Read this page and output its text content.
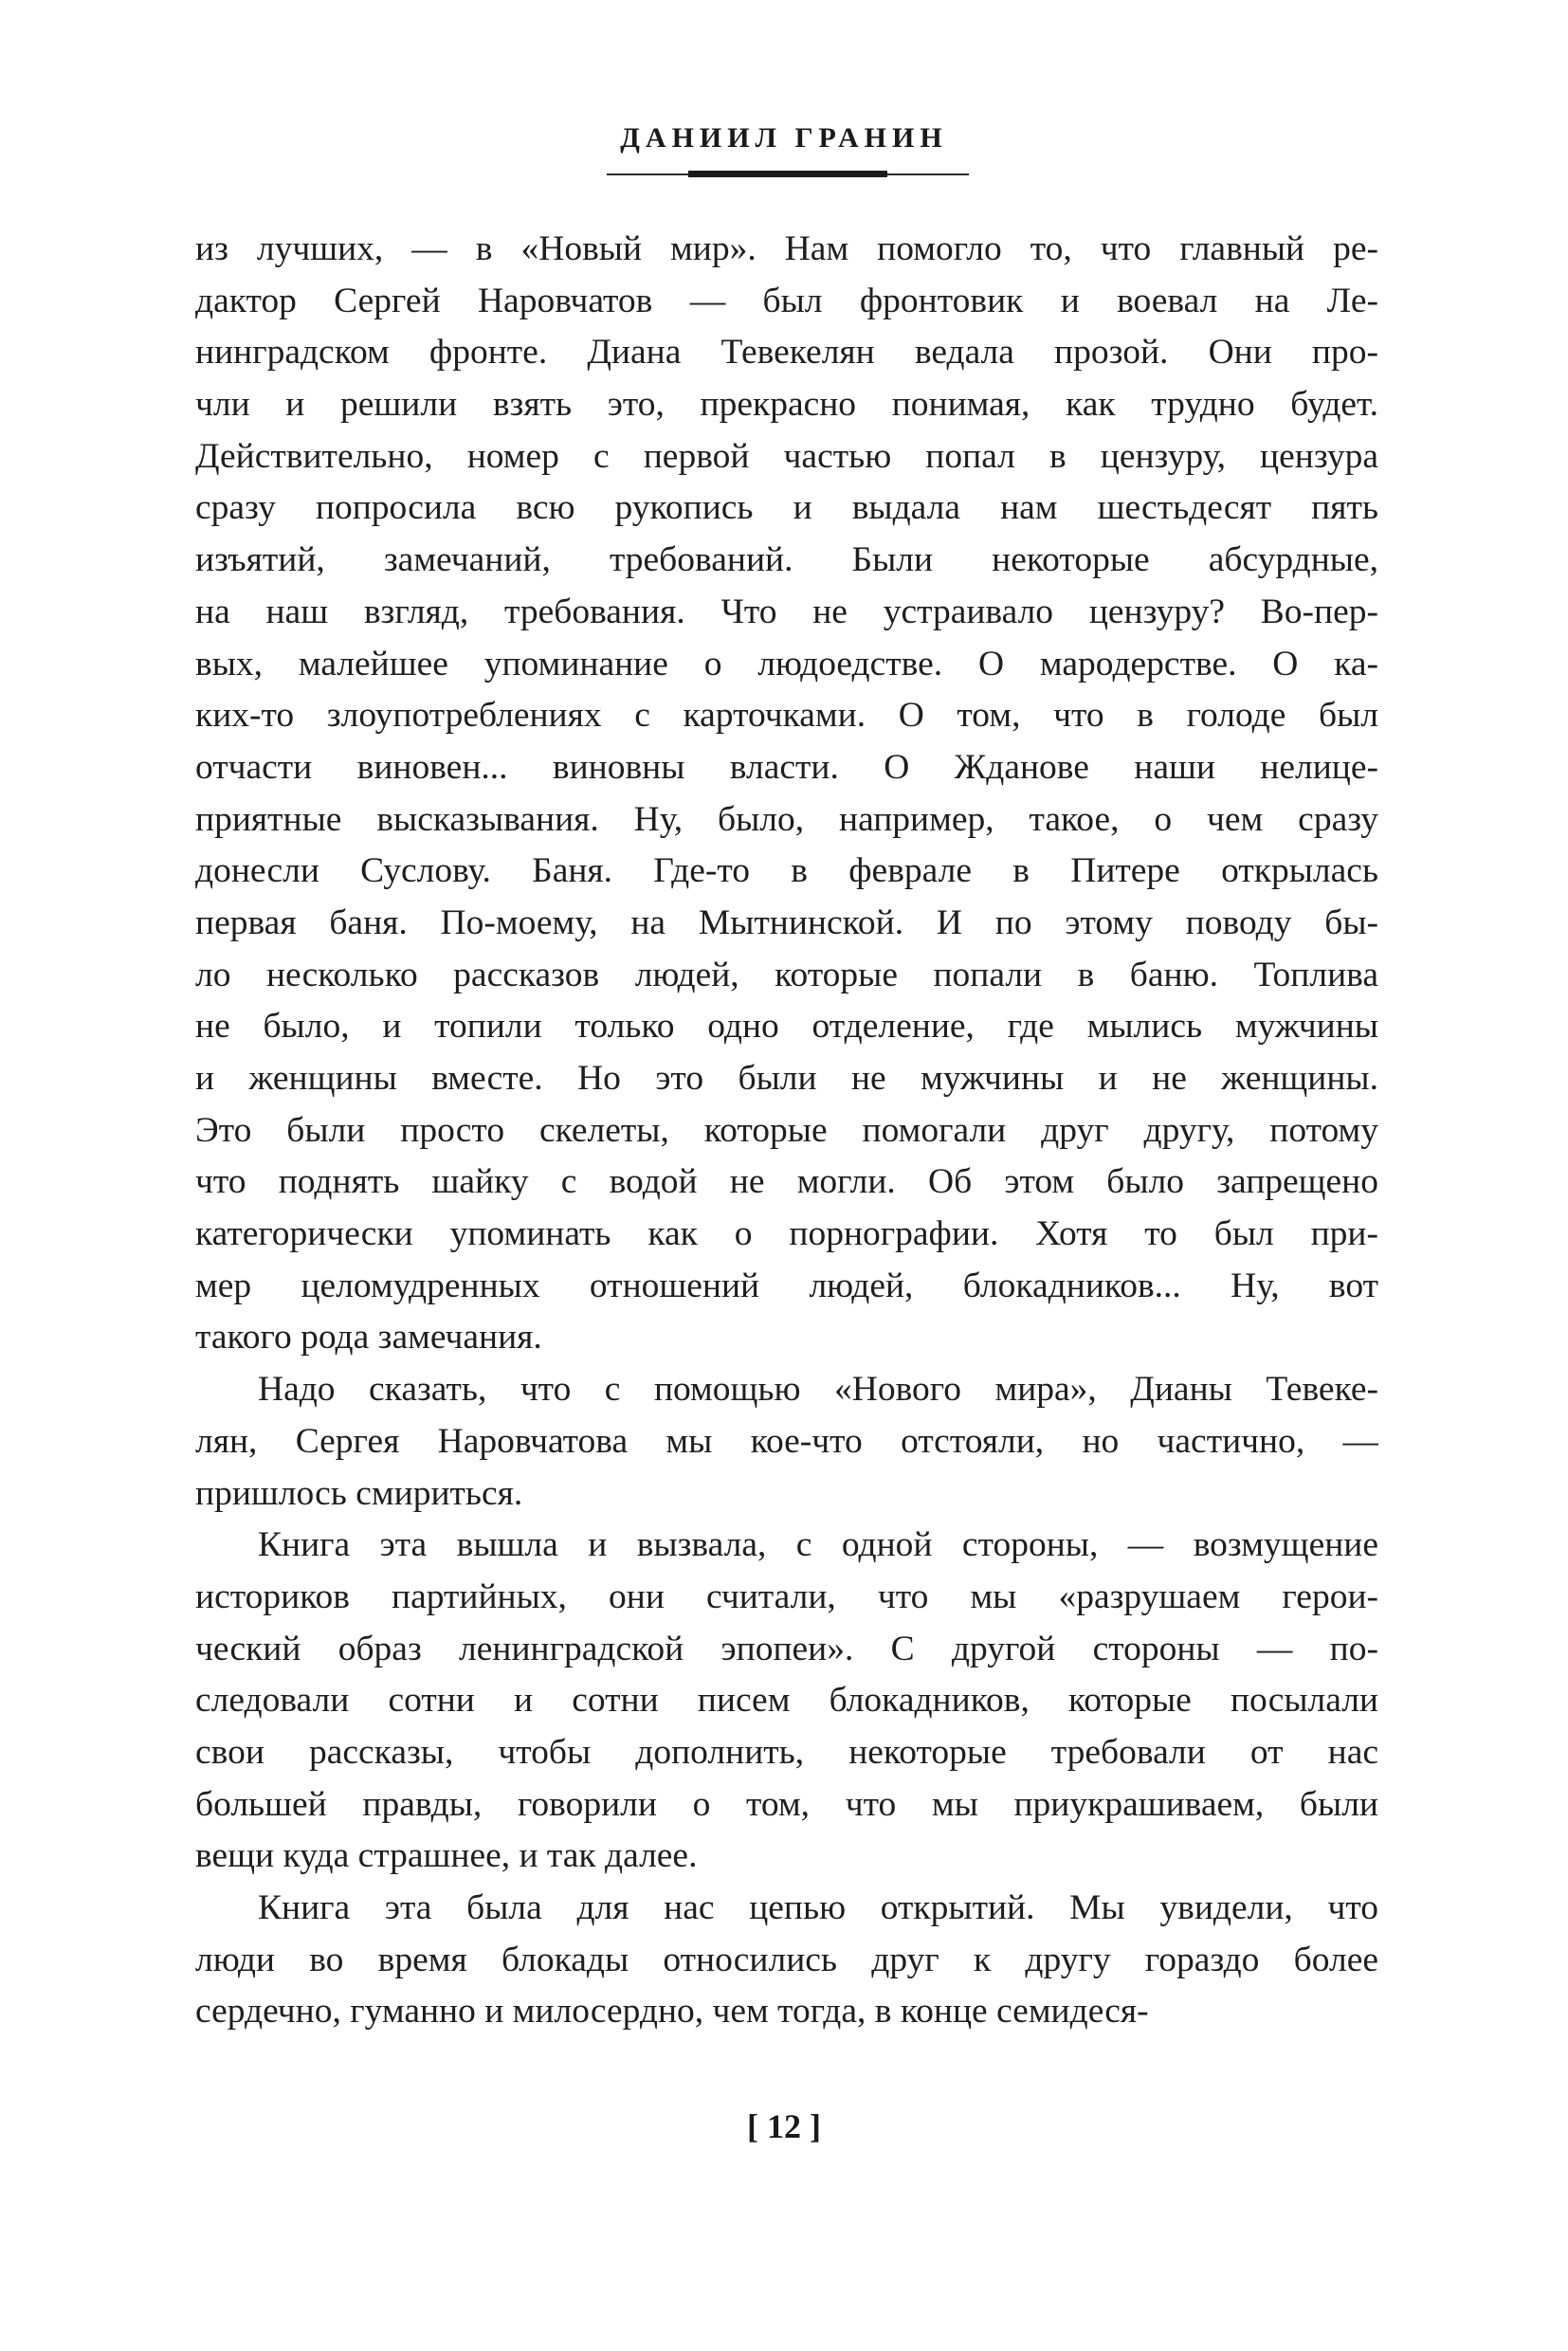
ДАНИИЛ ГРАНИН
из лучших, — в «Новый мир». Нам помогло то, что главный ре-
дактор Сергей Наровчатов — был фронтовик и воевал на Ле-
нинградском фронте. Диана Тевекелян ведала прозой. Они про-
чли и решили взять это, прекрасно понимая, как трудно будет.
Действительно, номер с первой частью попал в цензуру, цензура
сразу попросила всю рукопись и выдала нам шестьдесят пять
изъятий, замечаний, требований. Были некоторые абсурдные,
на наш взгляд, требования. Что не устраивало цензуру? Во-пер-
вых, малейшее упоминание о людоедстве. О мародерстве. О ка-
ких-то злоупотреблениях с карточками. О том, что в голоде был
отчасти виновен... виновны власти. О Жданове наши нелице-
приятные высказывания. Ну, было, например, такое, о чем сразу
донесли Суслову. Баня. Где-то в феврале в Питере открылась
первая баня. По-моему, на Мытнинской. И по этому поводу бы-
ло несколько рассказов людей, которые попали в баню. Топлива
не было, и топили только одно отделение, где мылись мужчины
и женщины вместе. Но это были не мужчины и не женщины.
Это были просто скелеты, которые помогали друг другу, потому
что поднять шайку с водой не могли. Об этом было запрещено
категорически упоминать как о порнографии. Хотя то был при-
мер целомудренных отношений людей, блокадников... Ну, вот
такого рода замечания.
Надо сказать, что с помощью «Нового мира», Дианы Тевеке-
лян, Сергея Наровчатова мы кое-что отстояли, но частично, —
пришлось смириться.
Книга эта вышла и вызвала, с одной стороны, — возмущение
историков партийных, они считали, что мы «разрушаем герои-
ческий образ ленинградской эпопеи». С другой стороны — по-
следовали сотни и сотни писем блокадников, которые посылали
свои рассказы, чтобы дополнить, некоторые требовали от нас
большей правды, говорили о том, что мы приукрашиваем, были
вещи куда страшнее, и так далее.
Книга эта была для нас цепью открытий. Мы увидели, что
люди во время блокады относились друг к другу гораздо более
сердечно, гуманно и милосердно, чем тогда, в конце семидеся-
[ 12 ]
